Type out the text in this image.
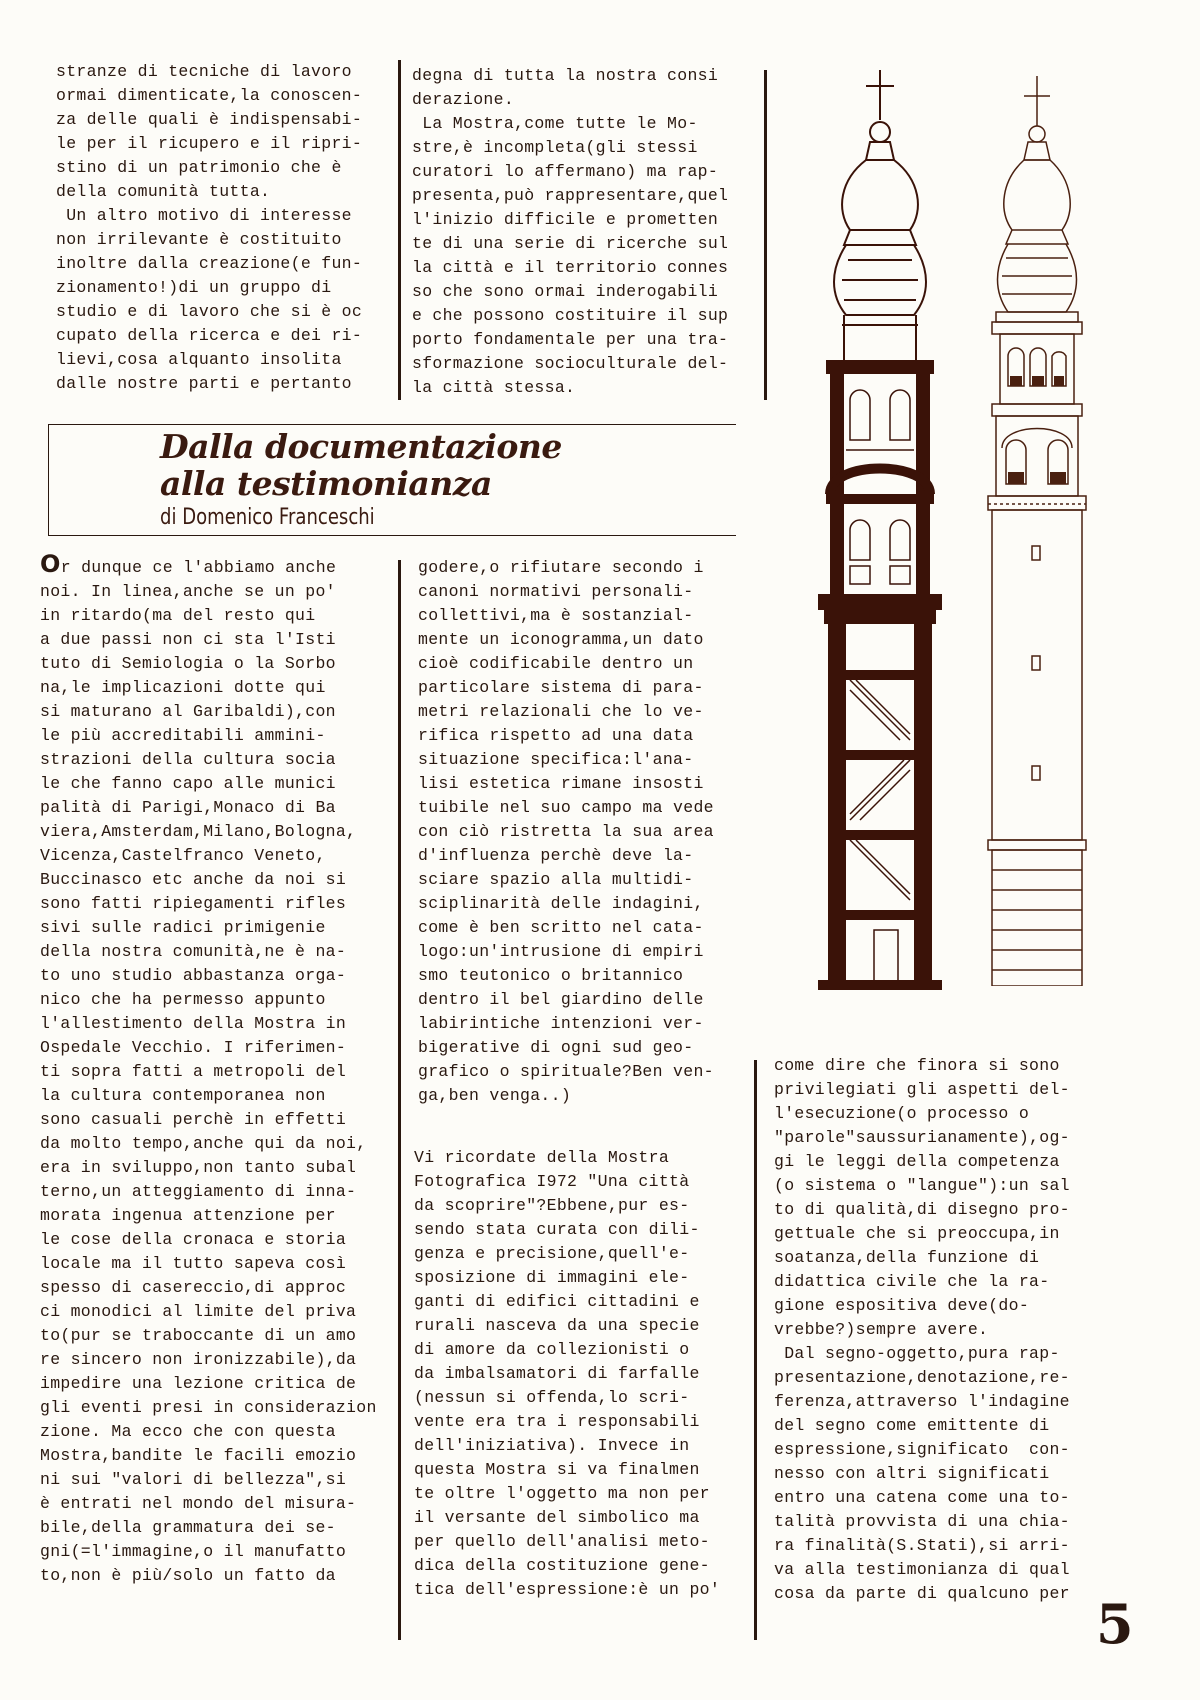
stranze di tecniche di lavoro

ormai dimenticate,la conoscen-

za delle quali è indispensabi-

le per il ricupero e il ripri-

stino di un patrimonio che è

della comunità tutta.

Un altro motivo di interesse

non irrilevante è costituito

inoltre dalla creazione(e fun-

zionamento!)di un gruppo di

studio e di lavoro che si è oc

cupato della ricerca e dei ri-

lievi,cosa alquanto insolita

dalle nostre parti e pertanto

degna di tutta la nostra consi

derazione.

La Mostra,come tutte le Mo-

stre,è incompleta(gli stessi

curatori lo affermano) ma rap-

presenta,può rappresentare,quel

l'inizio difficile e prometten

te di una serie di ricerche sul

la città e il territorio connes

so che sono ormai inderogabili

e che possono costituire il sup

porto fondamentale per una tra-

sformazione socioculturale del-

la città stessa.

Dalla documentazione
alla testimonianza
di Domenico Franceschi

Or dunque ce l'abbiamo anche

noi. In linea,anche se un po'

in ritardo(ma del resto qui

a due passi non ci sta l'Isti

tuto di Semiologia o la Sorbo

na,le implicazioni dotte qui

si maturano al Garibaldi),con

le più accreditabili ammini-

strazioni della cultura socia

le che fanno capo alle munici

palità di Parigi,Monaco di Ba

viera,Amsterdam,Milano,Bologna,

Vicenza,Castelfranco Veneto,

Buccinasco etc anche da noi si

sono fatti ripiegamenti rifles

sivi sulle radici primigenie

della nostra comunità,ne è na-

to uno studio abbastanza orga-

nico che ha permesso appunto

l'allestimento della Mostra in

Ospedale Vecchio. I riferimen-

ti sopra fatti a metropoli del

la cultura contemporanea non

sono casuali perchè in effetti

da molto tempo,anche qui da noi,

era in sviluppo,non tanto subal

terno,un atteggiamento di inna-

morata ingenua attenzione per

le cose della cronaca e storia

locale ma il tutto sapeva così

spesso di casereccio,di approc

ci monodici al limite del priva

to(pur se traboccante di un amo

re sincero non ironizzabile),da

impedire una lezione critica de

gli eventi presi in considerazion

zione. Ma ecco che con questa

Mostra,bandite le facili emozio

ni sui "valori di bellezza",si

è entrati nel mondo del misura-

bile,della grammatura dei se-

gni(=l'immagine,o il manufatto

to,non è più/solo un fatto da

godere,o rifiutare secondo i

canoni normativi personali-

collettivi,ma è sostanzial-

mente un iconogramma,un dato

cioè codificabile dentro un

particolare sistema di para-

metri relazionali che lo ve-

rifica rispetto ad una data

situazione specifica:l'ana-

lisi estetica rimane insosti

tuibile nel suo campo ma vede

con ciò ristretta la sua area

d'influenza perchè deve la-

sciare spazio alla multidi-

sciplinarità delle indagini,

come è ben scritto nel cata-

logo:un'intrusione di empiri

smo teutonico o britannico

dentro il bel giardino delle

labirintiche intenzioni ver-

bigerative di ogni sud geo-

grafico o spirituale?Ben ven-

ga,ben venga..)

Vi ricordate della Mostra

Fotografica I972 "Una città

da scoprire"?Ebbene,pur es-

sendo stata curata con dili-

genza e precisione,quell'e-

sposizione di immagini ele-

ganti di edifici cittadini e

rurali nasceva da una specie

di amore da collezionisti o

da imbalsamatori di farfalle

(nessun si offenda,lo scri-

vente era tra i responsabili

dell'iniziativa). Invece in

questa Mostra si va finalmen

te oltre l'oggetto ma non per

il versante del simbolico ma

per quello dell'analisi meto-

dica della costituzione gene-

tica dell'espressione:è un po'

come dire che finora si sono

privilegiati gli aspetti del-

l'esecuzione(o processo o

"parole"saussurianamente),og-

gi le leggi della competenza

(o sistema o "langue"):un sal

to di qualità,di disegno pro-

gettuale che si preoccupa,in

soatanza,della funzione di

didattica civile che la ra-

gione espositiva deve(do-

vrebbe?)sempre avere.

Dal segno-oggetto,pura rap-

presentazione,denotazione,re-

ferenza,attraverso l'indagine

del segno come emittente di

espressione,significato  con-

nesso con altri significati

entro una catena come una to-

talità provvista di una chia-

ra finalità(S.Stati),si arri-

va alla testimonianza di qual

cosa da parte di qualcuno per 5
